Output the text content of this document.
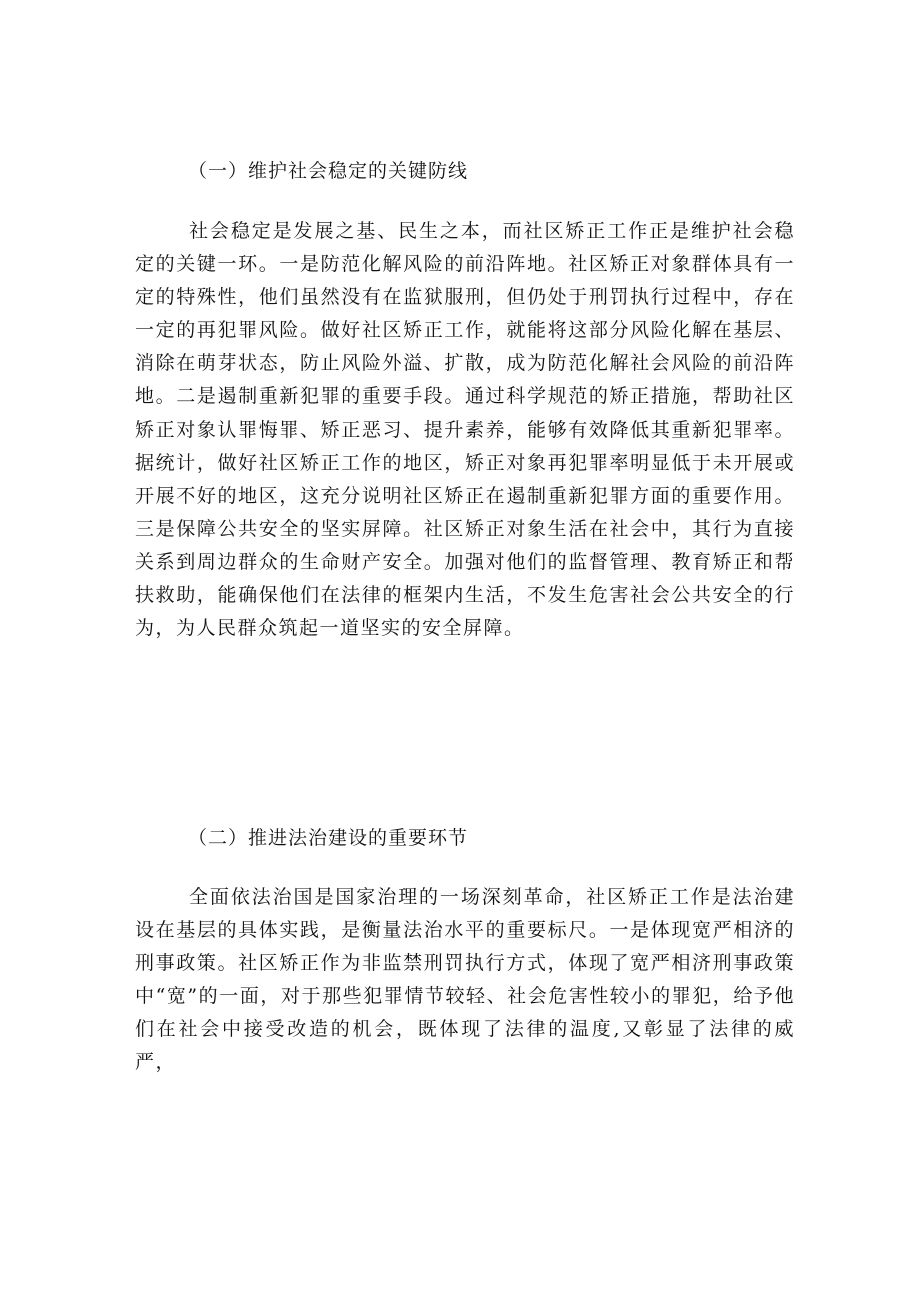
（一）维护社会稳定的关键防线

社会稳定是发展之基、民生之本，而社区矫正工作正是维护社会稳定的关键一环。一是防范化解风险的前沿阵地。社区矫正对象群体具有一定的特殊性，他们虽然没有在监狱服刑，但仍处于刑罚执行过程中，存在一定的再犯罪风险。做好社区矫正工作，就能将这部分风险化解在基层、消除在萌芽状态，防止风险外溢、扩散，成为防范化解社会风险的前沿阵地。二是遏制重新犯罪的重要手段。通过科学规范的矫正措施，帮助社区矫正对象认罪悔罪、矫正恶习、提升素养，能够有效降低其重新犯罪率。据统计，做好社区矫正工作的地区，矫正对象再犯罪率明显低于未开展或开展不好的地区，这充分说明社区矫正在遏制重新犯罪方面的重要作用。三是保障公共安全的坚实屏障。社区矫正对象生活在社会中，其行为直接关系到周边群众的生命财产安全。加强对他们的监督管理、教育矫正和帮扶救助，能确保他们在法律的框架内生活，不发生危害社会公共安全的行为，为人民群众筑起一道坚实的安全屏障。

（二）推进法治建设的重要环节

全面依法治国是国家治理的一场深刻革命，社区矫正工作是法治建设在基层的具体实践，是衡量法治水平的重要标尺。一是体现宽严相济的刑事政策。社区矫正作为非监禁刑罚执行方式，体现了宽严相济刑事政策中“宽”的一面，对于那些犯罪情节较轻、社会危害性较小的罪犯，给予他们在社会中接受改造的机会，既体现了法律的温度,又彰显了法律的威严，
